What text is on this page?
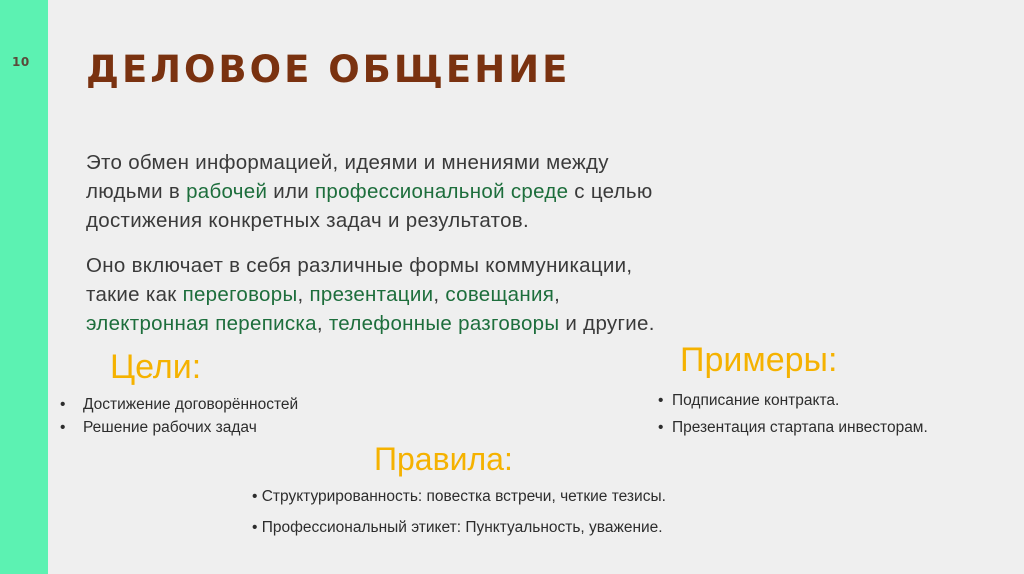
10 ДЕЛОВОЕ ОБЩЕНИЕ
Это обмен информацией, идеями и мнениями между
людьми в рабочей или профессиональной среде с целью
достижения конкретных задач и результатов.
Оно включает в себя различные формы коммуникации,
такие как переговоры, презентации, совещания,
электронная переписка, телефонные разговоры и другие.
Цели:
• Достижение договорённостей
• Решение рабочих задач
Примеры:
• Подписание контракта.
• Презентация стартапа инвесторам.
Правила:
• Структурированность: повестка встречи, четкие тезисы.
• Профессиональный этикет: Пунктуальность, уважение.
